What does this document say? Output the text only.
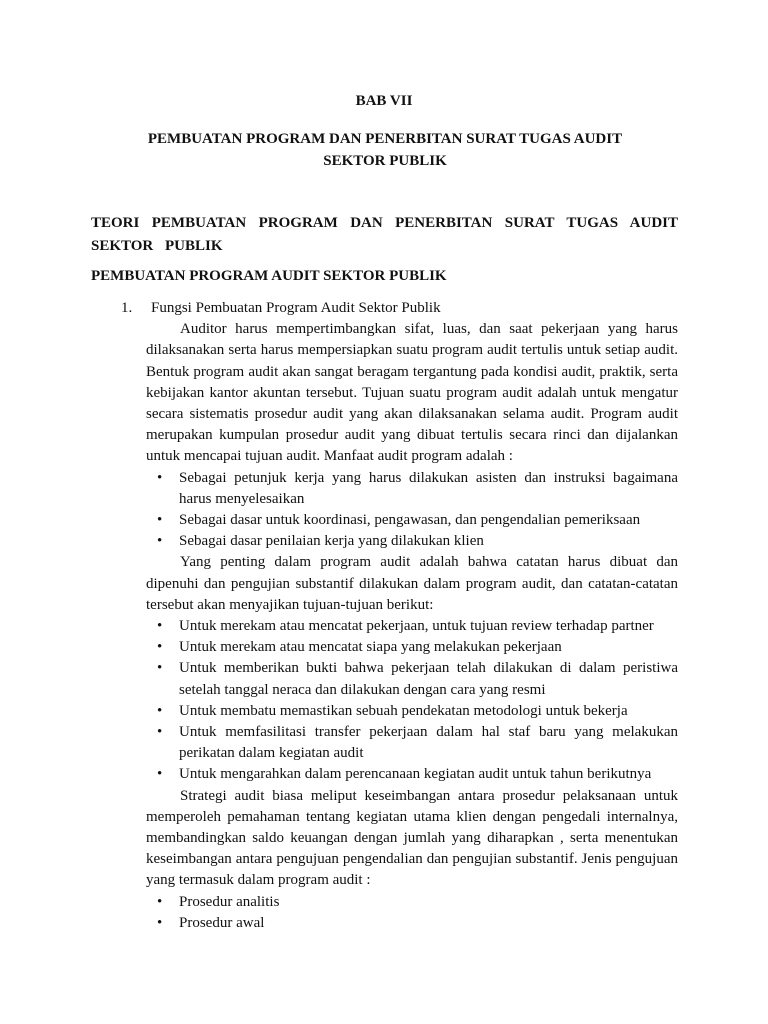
BAB VII
PEMBUATAN PROGRAM DAN PENERBITAN SURAT TUGAS AUDIT SEKTOR PUBLIK
TEORI PEMBUATAN PROGRAM DAN PENERBITAN SURAT TUGAS AUDIT SEKTOR PUBLIK
PEMBUATAN PROGRAM AUDIT SEKTOR PUBLIK
1.	Fungsi Pembuatan Program Audit Sektor Publik

Auditor harus mempertimbangkan sifat, luas, dan saat pekerjaan yang harus dilaksanakan serta harus mempersiapkan suatu program audit tertulis untuk setiap audit. Bentuk program audit akan sangat beragam tergantung pada kondisi audit, praktik, serta kebijakan kantor akuntan tersebut. Tujuan suatu program audit adalah untuk mengatur secara sistematis prosedur audit yang akan dilaksanakan selama audit. Program audit merupakan kumpulan prosedur audit yang dibuat tertulis secara rinci dan dijalankan untuk mencapai tujuan audit. Manfaat audit program adalah :

• Sebagai petunjuk kerja yang harus dilakukan asisten dan instruksi bagaimana harus menyelesaikan
• Sebagai dasar untuk koordinasi, pengawasan, dan pengendalian pemeriksaan
• Sebagai dasar penilaian kerja yang dilakukan klien

Yang penting dalam program audit adalah bahwa catatan harus dibuat dan dipenuhi dan pengujian substantif dilakukan dalam program audit, dan catatan-catatan tersebut akan menyajikan tujuan-tujuan berikut:

• Untuk merekam atau mencatat pekerjaan, untuk tujuan review terhadap partner
• Untuk merekam atau mencatat siapa yang melakukan pekerjaan
• Untuk memberikan bukti bahwa pekerjaan telah dilakukan di dalam peristiwa setelah tanggal neraca dan dilakukan dengan cara yang resmi
• Untuk membatu memastikan sebuah pendekatan metodologi untuk bekerja
• Untuk memfasilitasi transfer pekerjaan dalam hal staf baru yang melakukan perikatan dalam kegiatan audit
• Untuk mengarahkan dalam perencanaan kegiatan audit untuk tahun berikutnya

Strategi audit biasa meliput keseimbangan antara prosedur pelaksanaan untuk memperoleh pemahaman tentang kegiatan utama klien dengan pengedali internalnya, membandingkan saldo keuangan dengan jumlah yang diharapkan , serta menentukan keseimbangan antara pengujuan pengendalian dan pengujian substantif. Jenis pengujuan yang termasuk dalam program audit :

• Prosedur analitis
• Prosedur awal
